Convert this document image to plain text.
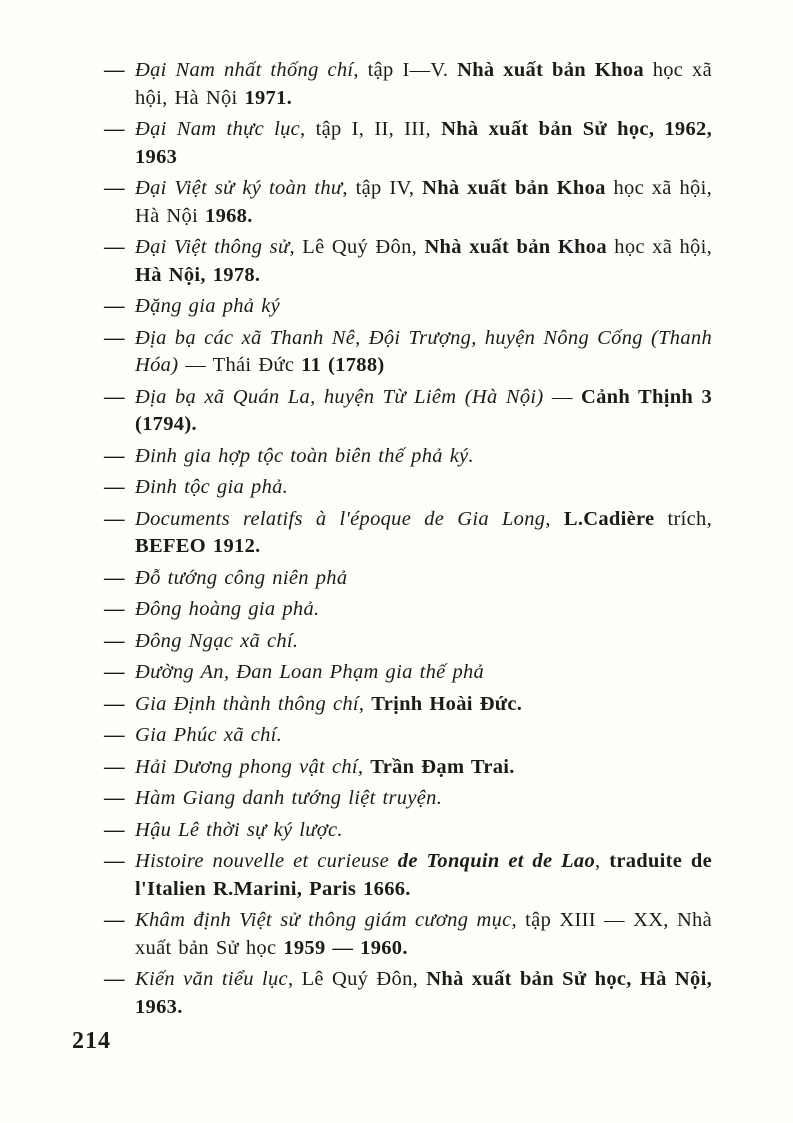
—Đại Nam nhất thống chí, tập I—V. Nhà xuất bản Khoa học xã hội, Hà Nội 1971.
—Đại Nam thực lục, tập I, II, III, Nhà xuất bản Sử học, 1962, 1963
—Đại Việt sử ký toàn thư, tập IV, Nhà xuất bản Khoa học xã hội, Hà Nội 1968.
—Đại Việt thông sử, Lê Quý Đôn, Nhà xuất bản Khoa học xã hội, Hà Nội, 1978.
—Đặng gia phả ký
—Địa bạ các xã Thanh Nê, Đội Trượng, huyện Nông Cống (Thanh Hóa) — Thái Đức 11 (1788)
—Địa bạ xã Quán La, huyện Từ Liêm (Hà Nội) — Cảnh Thịnh 3 (1794).
—Đinh gia hợp tộc toàn biên thế phả ký.
—Đinh tộc gia phả.
—Documents relatifs à l'époque de Gia Long, L.Cadière trích, BEFEO 1912.
—Đỗ tướng công niên phả
—Đông hoàng gia phả.
—Đông Ngạc xã chí.
—Đường An, Đan Loan Phạm gia thế phả
—Gia Định thành thông chí, Trịnh Hoài Đức.
—Gia Phúc xã chí.
—Hải Dương phong vật chí, Trần Đạm Trai.
—Hàm Giang danh tướng liệt truyện.
—Hậu Lê thời sự ký lược.
—Histoire nouvelle et curieuse de Tonquin et de Lao, traduite de l'Italien R.Marini, Paris 1666.
—Khâm định Việt sử thông giám cương mục, tập XIII — XX, Nhà xuất bản Sử học 1959 — 1960.
—Kiến văn tiểu lục, Lê Quý Đôn, Nhà xuất bản Sử học, Hà Nội, 1963.
214
